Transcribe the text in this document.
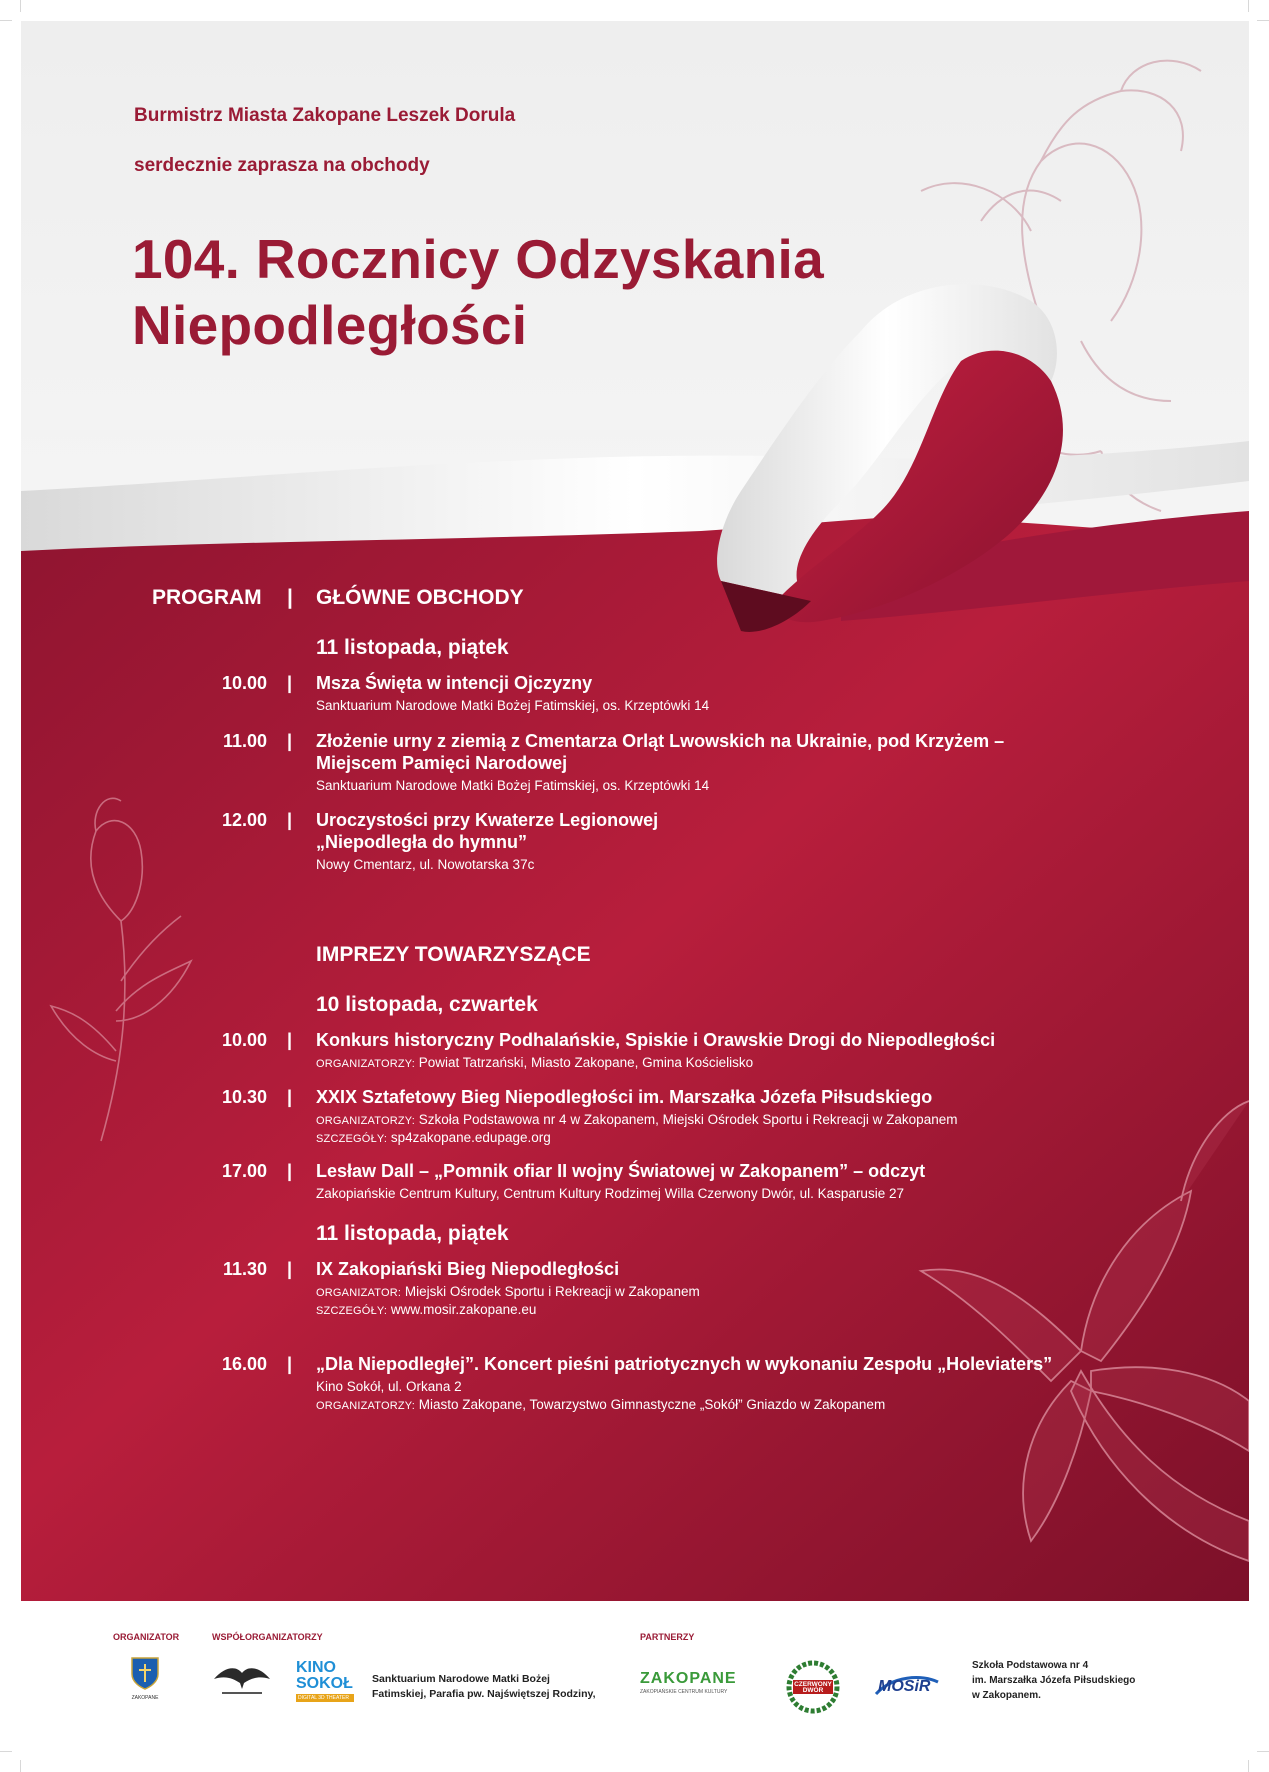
Burmistrz Miasta Zakopane Leszek Dorula

serdecznie zaprasza na obchody

104. Rocznicy Odzyskania
Niepodległości
PROGRAM | GŁÓWNE OBCHODY
11 listopada, piątek
10.00 | Msza Święta w intencji Ojczyzny
Sanktuarium Narodowe Matki Bożej Fatimskiej, os. Krzeptówki 14
11.00 | Złożenie urny z ziemią z Cmentarza Orląt Lwowskich na Ukrainie, pod Krzyżem –
Miejscem Pamięci Narodowej
Sanktuarium Narodowe Matki Bożej Fatimskiej, os. Krzeptówki 14
12.00 | Uroczystości przy Kwaterze Legionowej
„Niepodległa do hymnu”
Nowy Cmentarz, ul. Nowotarska 37c
IMPREZY TOWARZYSZĄCE
10 listopada, czwartek
10.00 | Konkurs historyczny Podhalańskie, Spiskie i Orawskie Drogi do Niepodległości
ORGANIZATORZY: Powiat Tatrzański, Miasto Zakopane, Gmina Kościelisko
10.30 | XXIX Sztafetowy Bieg Niepodległości im. Marszałka Józefa Piłsudskiego
ORGANIZATORZY: Szkoła Podstawowa nr 4 w Zakopanem, Miejski Ośrodek Sportu i Rekreacji w Zakopanem
SZCZEGÓŁY: sp4zakopane.edupage.org
17.00 | Lesław Dall – „Pomnik ofiar II wojny Światowej w Zakopanem” – odczyt
Zakopiańskie Centrum Kultury, Centrum Kultury Rodzimej Willa Czerwony Dwór, ul. Kasparusie 27
11 listopada, piątek
11.30 | IX Zakopiański Bieg Niepodległości
ORGANIZATOR: Miejski Ośrodek Sportu i Rekreacji w Zakopanem
SZCZEGÓŁY: www.mosir.zakopane.eu
16.00 | „Dla Niepodległej”. Koncert pieśni patriotycznych w wykonaniu Zespołu „Holeviaters”
Kino Sokół, ul. Orkana 2
ORGANIZATORZY: Miasto Zakopane, Towarzystwo Gimnastyczne „Sokół” Gniazdo w Zakopanem
ORGANIZATOR	WSPÓŁORGANIZATORZY	PARTNERZY
ZAKOPANE
KINO
SOKOŁ
DIGITAL 3D THEATER
Sanktuarium Narodowe Matki Bożej
Fatimskiej, Parafia pw. Najświętszej Rodziny,
ZAKOPANE
ZAKOPIAŃSKIE CENTRUM KULTURY
CZERWONY
DWÓR	MOSiR
Szkoła Podstawowa nr 4
im. Marszałka Józefa Piłsudskiego
w Zakopanem.
